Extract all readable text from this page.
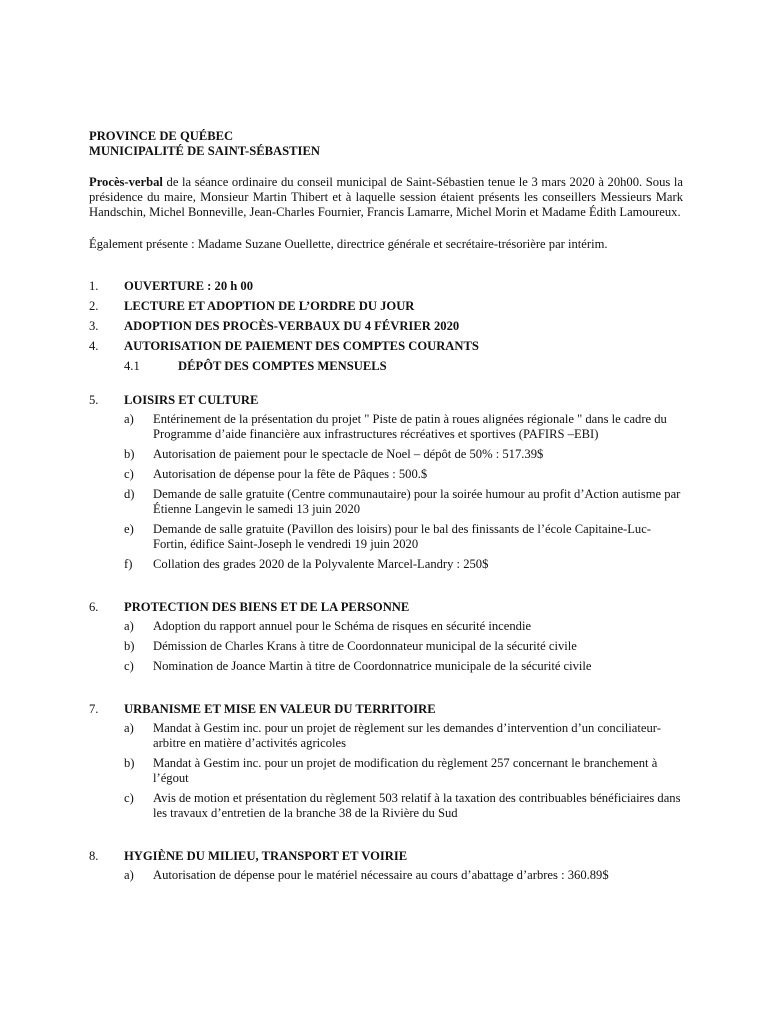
PROVINCE DE QUÉBEC
MUNICIPALITÉ DE SAINT-SÉBASTIEN

Procès-verbal de la séance ordinaire du conseil municipal de Saint-Sébastien tenue le 3 mars 2020 à 20h00. Sous la présidence du maire, Monsieur Martin Thibert et à laquelle session étaient présents les conseillers Messieurs Mark Handschin, Michel Bonneville, Jean-Charles Fournier, Francis Lamarre, Michel Morin et Madame Édith Lamoureux.

Également présente : Madame Suzane Ouellette, directrice générale et secrétaire-trésorière par intérim.

1.	OUVERTURE : 20 h 00
2.	LECTURE ET ADOPTION DE L’ORDRE DU JOUR
3.	ADOPTION DES PROCÈS-VERBAUX DU 4 FÉVRIER 2020
4.	AUTORISATION DE PAIEMENT DES COMPTES COURANTS
4.1	DÉPÔT DES COMPTES MENSUELS
5.	LOISIRS ET CULTURE
a)	Entérinement de la présentation du projet " Piste de patin à roues alignées régionale " dans le cadre du Programme d’aide financière aux infrastructures récréatives et sportives (PAFIRS –EBI)
b)	Autorisation de paiement pour le spectacle de Noel – dépôt de 50% : 517.39$
c)	Autorisation de dépense pour la fête de Pâques : 500.$
d)	Demande de salle gratuite (Centre communautaire) pour la soirée humour au profit d’Action autisme par Étienne Langevin le samedi 13 juin 2020
e)	Demande de salle gratuite (Pavillon des loisirs) pour le bal des finissants de l’école Capitaine-Luc-Fortin, édifice Saint-Joseph le vendredi 19 juin 2020
f)	Collation des grades 2020 de la Polyvalente Marcel-Landry : 250$
6.	PROTECTION DES BIENS ET DE LA PERSONNE
a)	Adoption du rapport annuel pour le Schéma de risques en sécurité incendie
b)	Démission de Charles Krans à titre de Coordonnateur municipal de la sécurité civile
c)	Nomination de Joance Martin à titre de Coordonnatrice municipale de la sécurité civile
7.	URBANISME ET MISE EN VALEUR DU TERRITOIRE
a)	Mandat à Gestim inc. pour un projet de règlement sur les demandes d’intervention d’un conciliateur-arbitre en matière d’activités agricoles
b)	Mandat à Gestim inc. pour un projet de modification du règlement 257 concernant le branchement à l’égout
c)	Avis de motion et présentation du règlement 503 relatif à la taxation des contribuables bénéficiaires dans les travaux d’entretien de la branche 38 de la Rivière du Sud
8.	HYGIÈNE DU MILIEU, TRANSPORT ET VOIRIE
a)	Autorisation de dépense pour le matériel nécessaire au cours d’abattage d’arbres : 360.89$
